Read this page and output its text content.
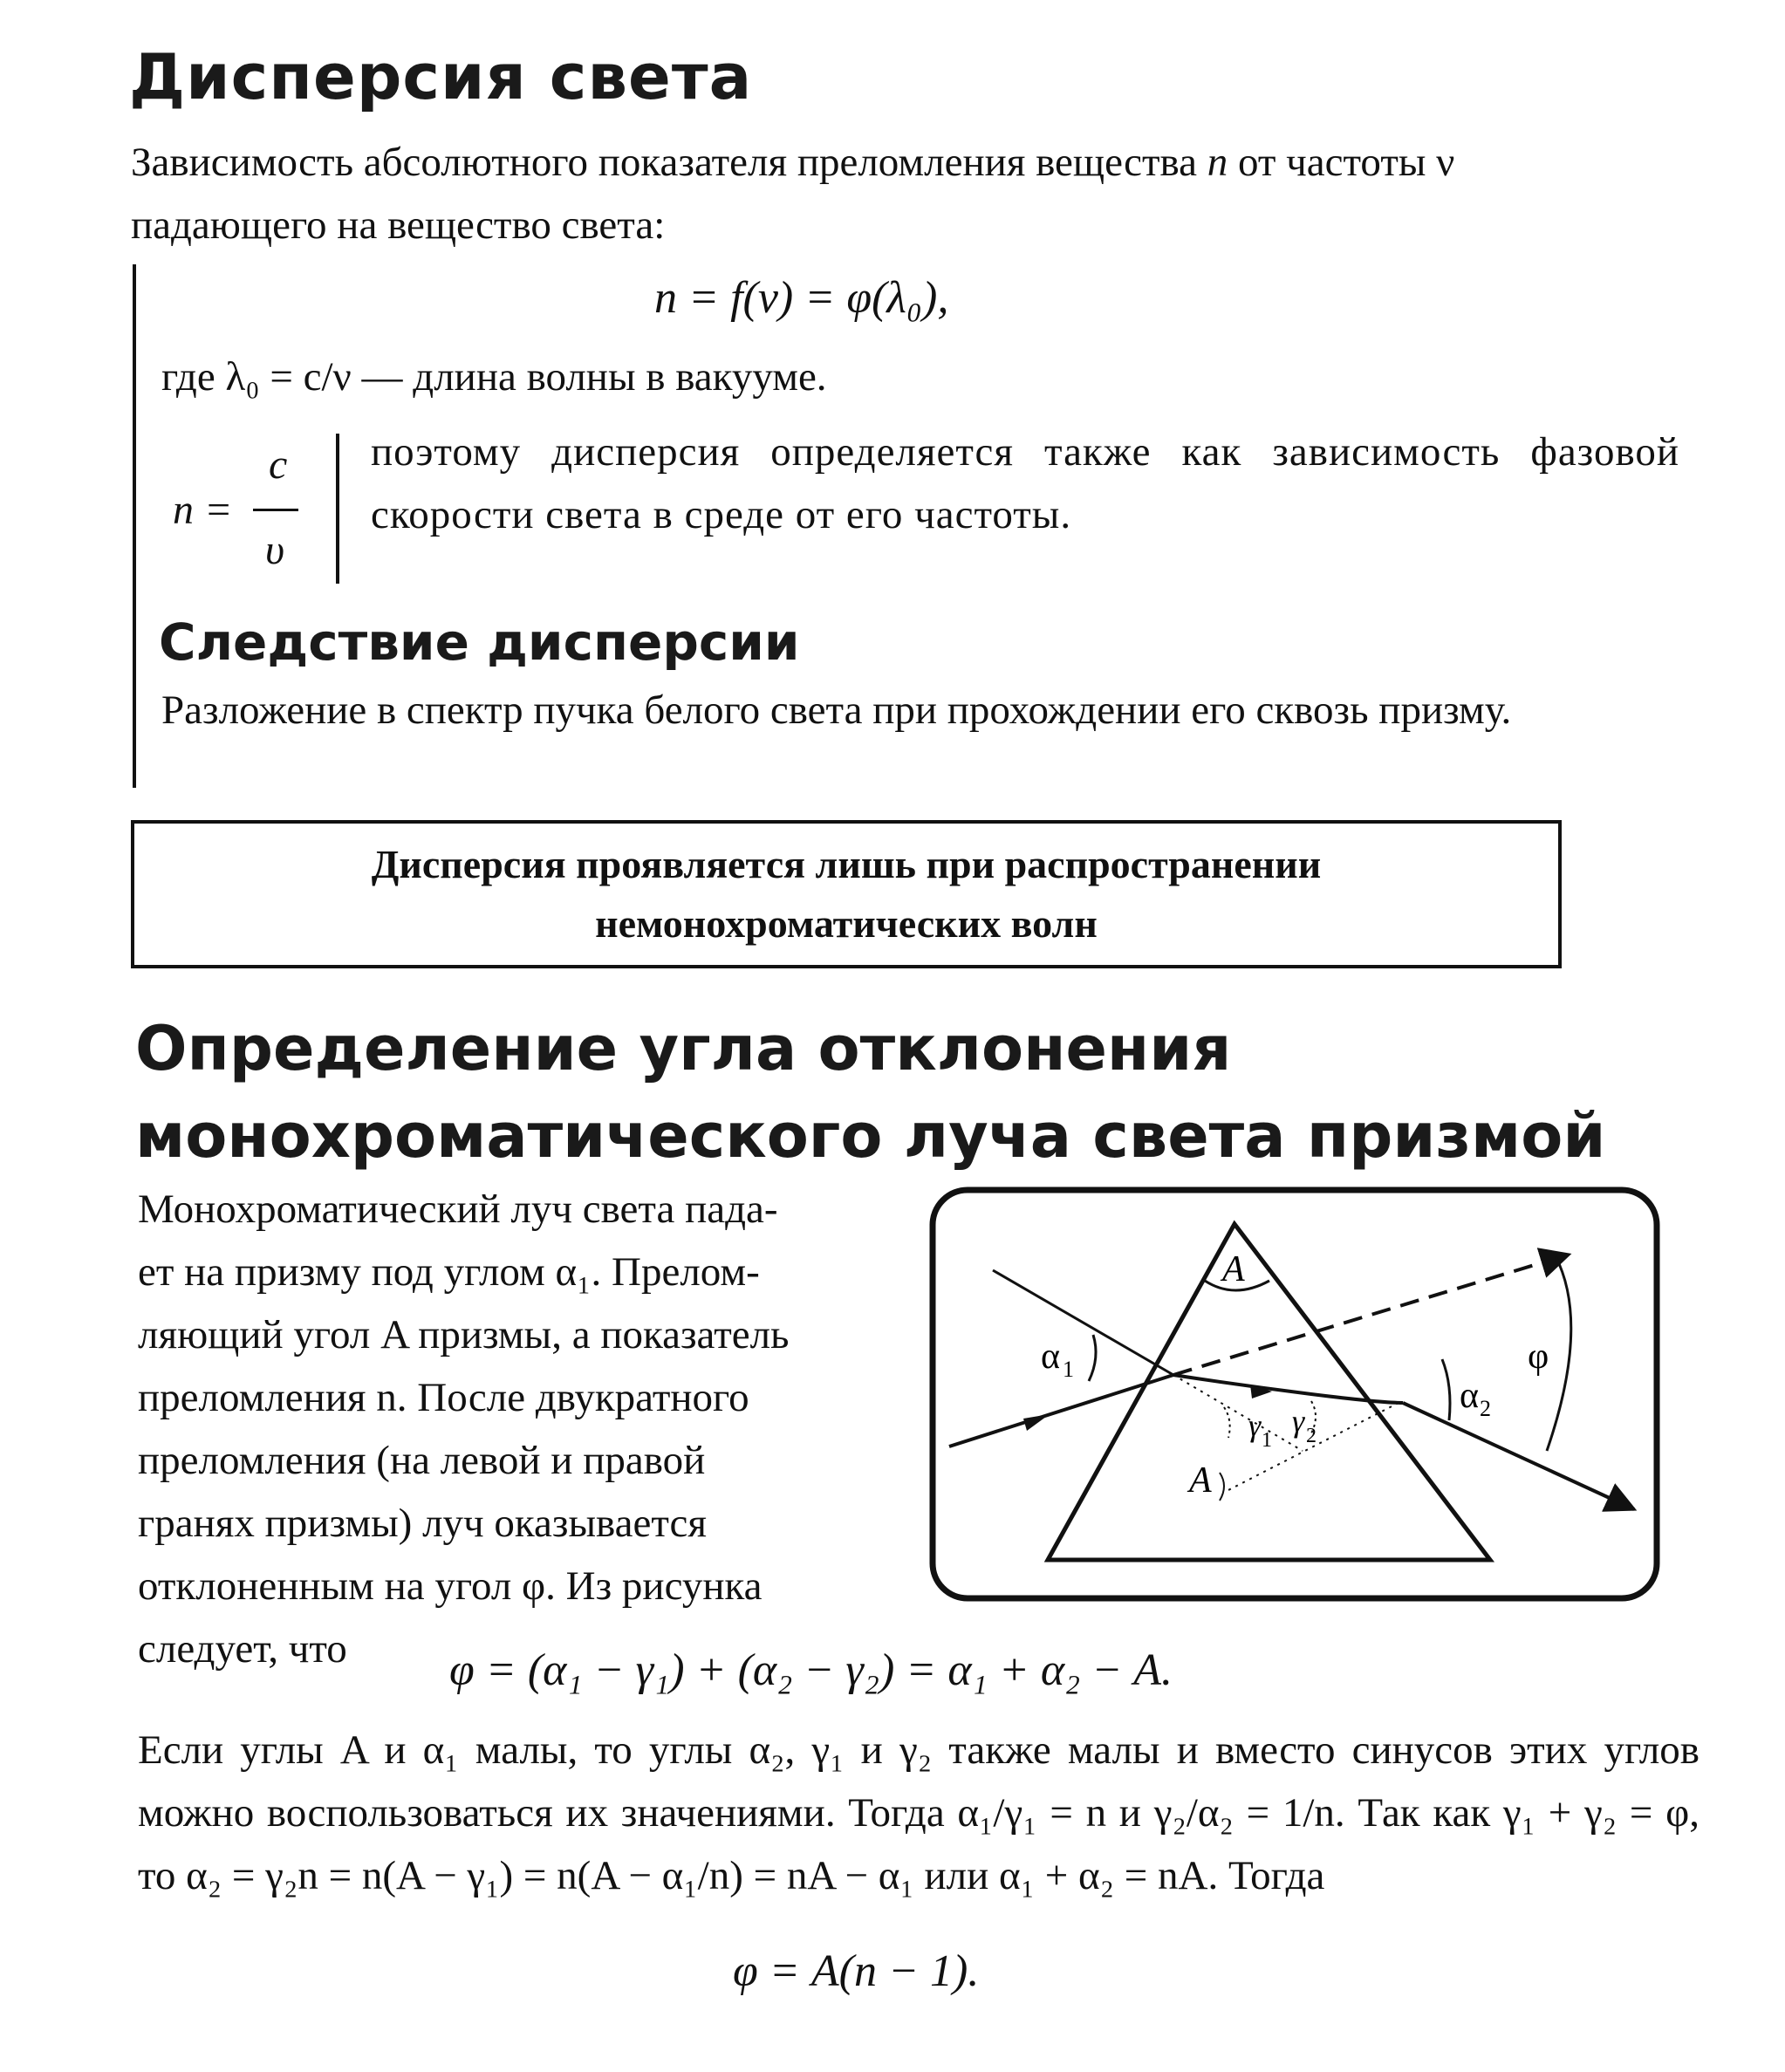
Дисперсия света
Зависимость абсолютного показателя преломления вещества n от частоты ν
падающего на вещество света:
n = f(ν) = φ(λ₀),
где λ₀ = c/ν — длина волны в вакууме.
n =
c
υ
поэтому дисперсия определяется также как зависимость фазовой скорости света в среде от его частоты.
Следствие дисперсии
Разложение в спектр пучка белого света при прохождении его сквозь призму.
Дисперсия проявляется лишь при распространении
немонохроматических волн
Определение угла отклонения
монохроматического луча света призмой
Монохроматический луч света пада-
ет на призму под углом α₁. Прелом-
ляющий угол A призмы, а показатель
преломления n. После двукратного
преломления (на левой и правой
гранях призмы) луч оказывается
отклоненным на угол φ. Из рисунка
следует, что
A
α 1
α 2
γ 1
γ 2
A
φ
φ = (α₁ − γ₁) + (α₂ − γ₂) = α₁ + α₂ − A.
Если углы A и α₁ малы, то углы α₂, γ₁ и γ₂ также малы и вместо синусов этих углов можно воспользоваться их значениями. Тогда α₁/γ₁ = n и γ₂/α₂ = 1/n. Так как γ₁ + γ₂ = φ, то α₂ = γ₂n = n(A − γ₁) = n(A − α₁/n) = nA − α₁ или α₁ + α₂ = nA. Тогда
φ = A(n − 1).
